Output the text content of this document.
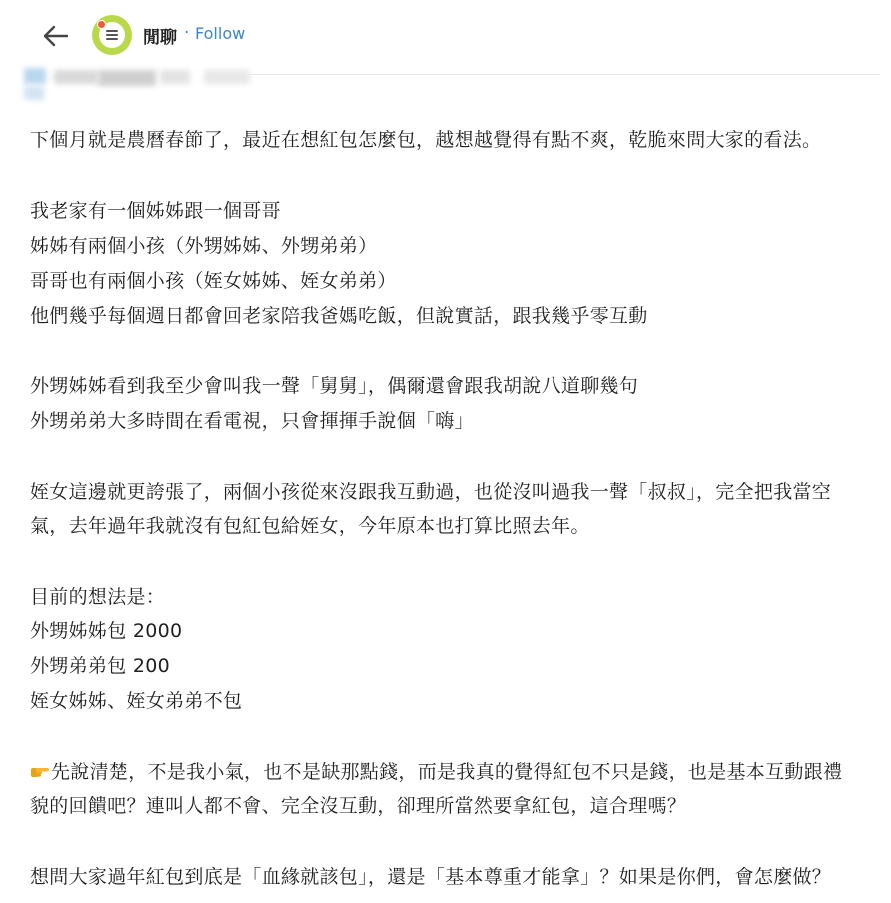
閒聊 · Follow
下個月就是農曆春節了，最近在想紅包怎麼包，越想越覺得有點不爽，乾脆來問大家的看法。
我老家有一個姊姊跟一個哥哥
姊姊有兩個小孩（外甥姊姊、外甥弟弟）
哥哥也有兩個小孩（姪女姊姊、姪女弟弟）
他們幾乎每個週日都會回老家陪我爸媽吃飯，但說實話，跟我幾乎零互動
外甥姊姊看到我至少會叫我一聲「舅舅」，偶爾還會跟我胡說八道聊幾句
外甥弟弟大多時間在看電視，只會揮揮手說個「嗨」
姪女這邊就更誇張了，兩個小孩從來沒跟我互動過，也從沒叫過我一聲「叔叔」，完全把我當空
氣，去年過年我就沒有包紅包給姪女，今年原本也打算比照去年。
目前的想法是：
外甥姊姊包 2000
外甥弟弟包 200
姪女姊姊、姪女弟弟不包
先說清楚，不是我小氣，也不是缺那點錢，而是我真的覺得紅包不只是錢，也是基本互動跟禮
貌的回饋吧？連叫人都不會、完全沒互動，卻理所當然要拿紅包，這合理嗎？
想問大家過年紅包到底是「血緣就該包」，還是「基本尊重才能拿」？如果是你們，會怎麼做？
